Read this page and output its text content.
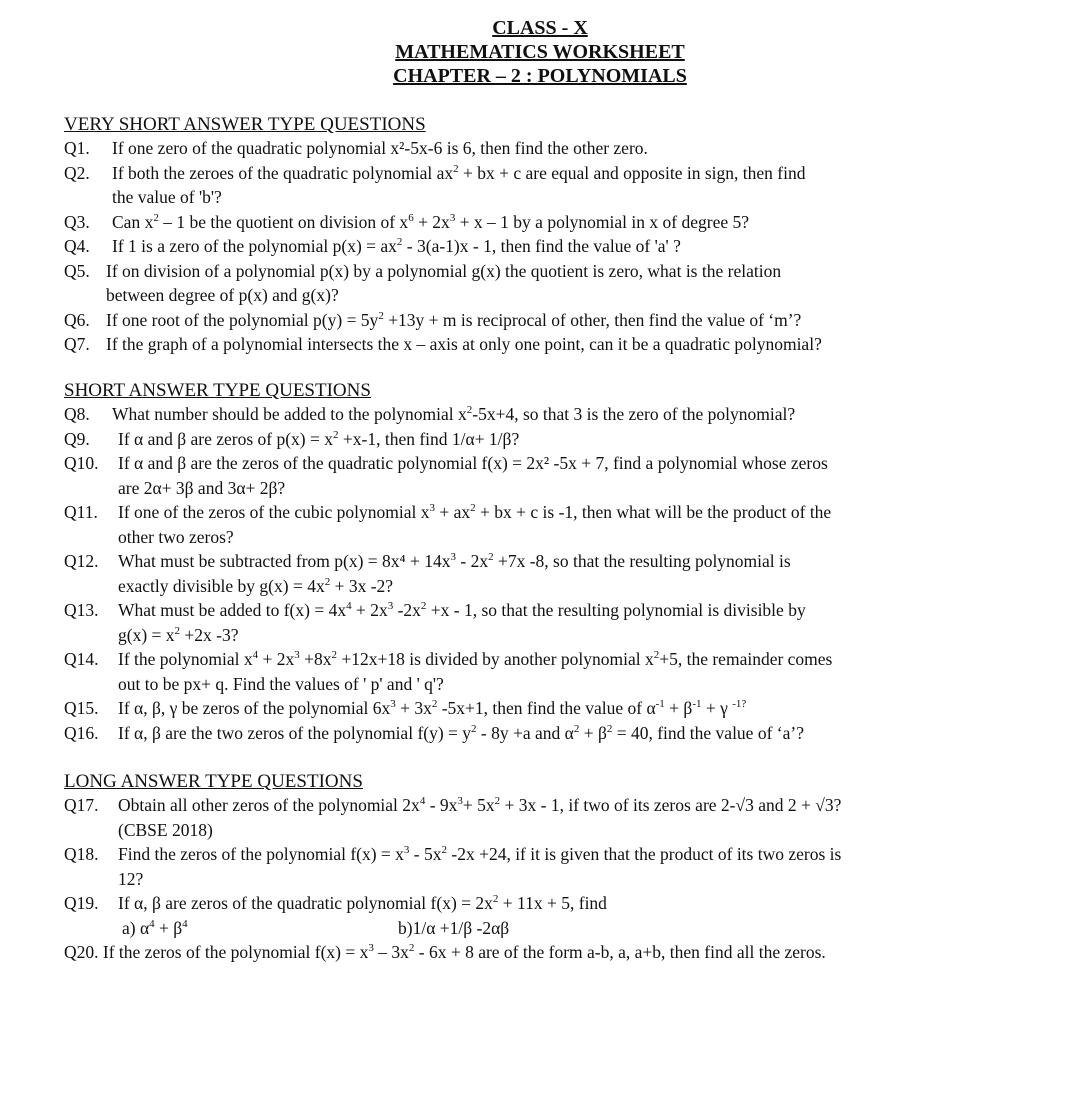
CLASS - X
MATHEMATICS WORKSHEET
CHAPTER – 2 : POLYNOMIALS
VERY SHORT ANSWER TYPE QUESTIONS
Q1. If one zero of the quadratic polynomial x²-5x-6 is 6, then find the other zero.
Q2. If both the zeroes of the quadratic polynomial $ax^2$ + bx + c are equal and opposite in sign, then find
the value of 'b'?
Q3. Can $x^2 - 1$ be the quotient on division of $x^6 + 2x^3 + x - 1$ by a polynomial in x of degree 5?
Q4. If 1 is a zero of the polynomial $p(x) = ax^2 - 3(a-1)x - 1$, then find the value of 'a' ?
Q5. If on division of a polynomial p(x) by a polynomial g(x) the quotient is zero, what is the relation
between degree of p(x) and g(x)?
Q6. If one root of the polynomial $p(y) = 5y^2 +13y + m$ is reciprocal of other, then find the value of ‘m’?
Q7. If the graph of a polynomial intersects the x – axis at only one point, can it be a quadratic polynomial?
SHORT ANSWER TYPE QUESTIONS
Q8. What number should be added to the polynomial $x^2-5x+4$, so that 3 is the zero of the polynomial?
Q9. If α and β are zeros of $p(x) = x^2 +x-1$, then find 1/α+ 1/β?
Q10. If α and β are the zeros of the quadratic polynomial f(x) = 2x² -5x + 7, find a polynomial whose zeros
are 2α+ 3β and 3α+ 2β?
Q11. If one of the zeros of the cubic polynomial $x^3 + ax^2$ + bx + c is -1, then what will be the product of the
other two zeros?
Q12. What must be subtracted from $p(x) = 8x^4 + 14x^3 - 2x^2 +7x$ -8, so that the resulting polynomial is
exactly divisible by $g(x) = 4x^2 + 3x$ -2?
Q13. What must be added to $f(x) = 4x^4 + 2x^3$ $-2x^2 +x - 1$, so that the resulting polynomial is divisible by
$g(x) = x^2 +2x$ -3?
Q14. If the polynomial $x^4 + 2x^3 +8x^2 +12x+18$ is divided by another polynomial $x^2+5$, the remainder comes
out to be px+ q. Find the values of ' p' and ' q'?
Q15. If α, β, γ be zeros of the polynomial $6x^3 + 3x^2$ -5x+1, then find the value of $\alpha^{-1} + \beta^{-1} + \gamma$ $^{-1?}$
Q16. If α, β are the two zeros of the polynomial $f(y) = y^2 - 8y +a$ and $\alpha^2 + \beta^2 = 40$, find the value of ‘a’?
LONG ANSWER TYPE QUESTIONS
Q17. Obtain all other zeros of the polynomial $2x^4 - 9x^3+ 5x^2 + 3x - 1$, if two of its zeros are 2-√3 and 2 + √3?
(CBSE 2018)
Q18. Find the zeros of the polynomial $f(x) = x^3 - 5x^2$ -2x +24, if it is given that the product of its two zeros is
12?
Q19. If α, β are zeros of the quadratic polynomial $f(x) = 2x^2 + 11x + 5$, find
a) $\alpha^4 + \beta^4$	b)1/α +1/β -2αβ
Q20. If the zeros of the polynomial $f(x) = x^3 - 3x^2 - 6x + 8$ are of the form a-b, a, a+b, then find all the zeros.
